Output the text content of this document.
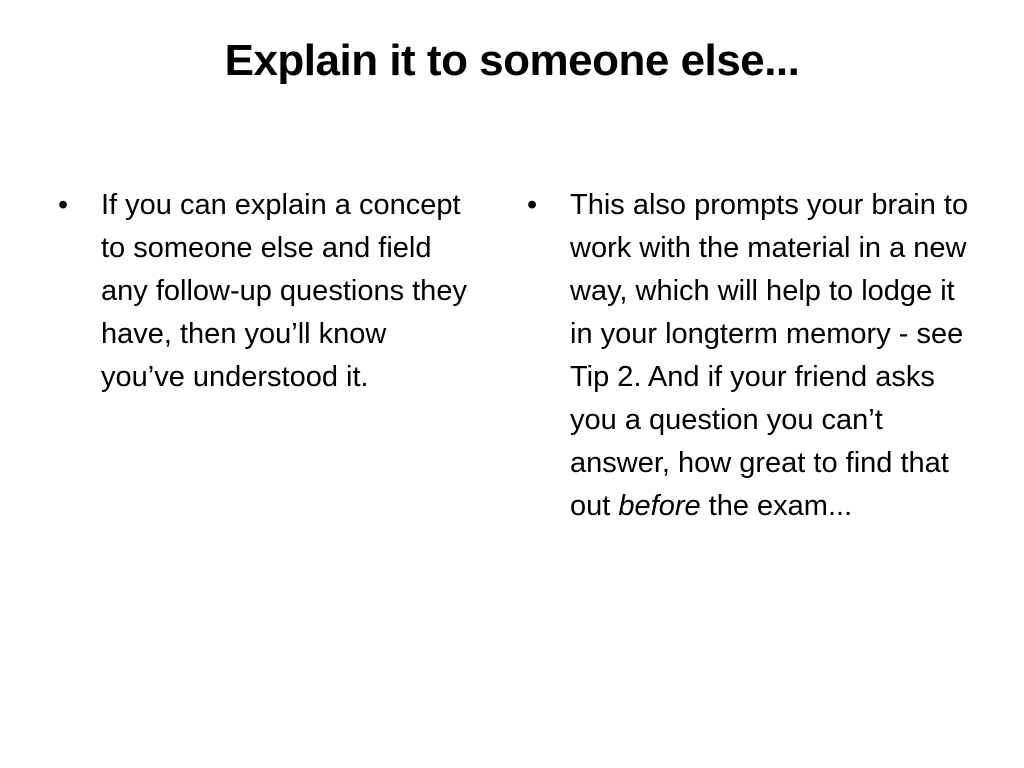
Explain it to someone else...

•	If you can explain a concept to someone else and field any follow-up questions they have, then you’ll know you’ve understood it.

•	This also prompts your brain to work with the material in a new way, which will help to lodge it in your longterm memory - see Tip 2. And if your friend asks you a question you can’t answer, how great to find that out before the exam...
